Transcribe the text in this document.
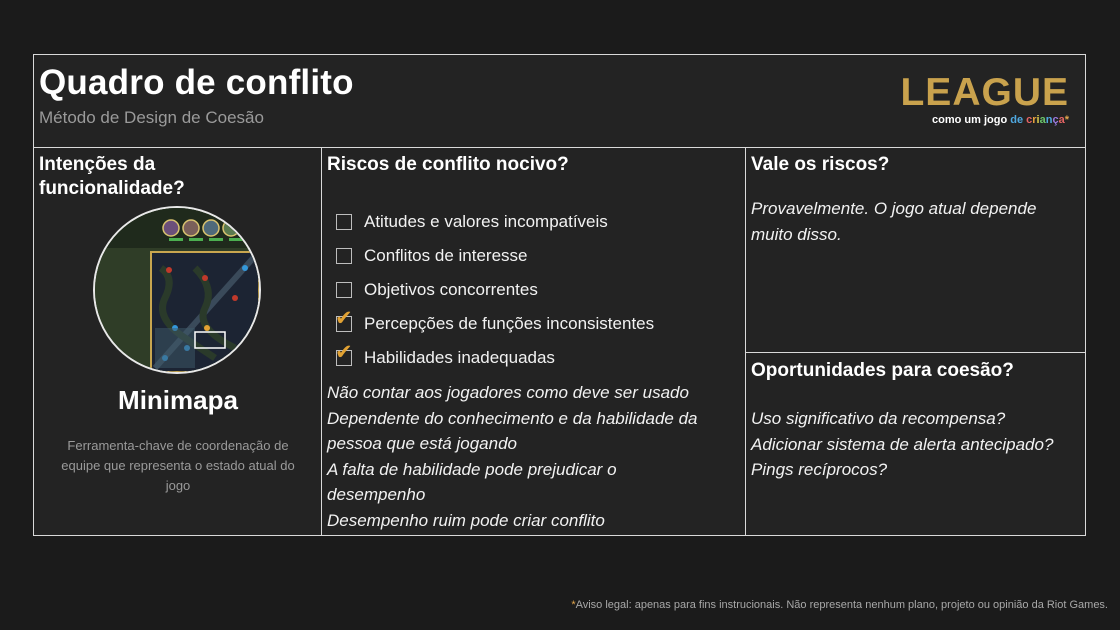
Quadro de conflito
Método de Design de Coesão
LEAGUE
como um jogo de criança*
Intenções da
funcionalidade?
Minimapa
Ferramenta-chave de coordenação de equipe que representa o estado atual do jogo
Riscos de conflito nocivo?
Atitudes e valores incompatíveis
Conflitos de interesse
Objetivos concorrentes
✔ Percepções de funções inconsistentes
✔ Habilidades inadequadas
Não contar aos jogadores como deve ser usado
Dependente do conhecimento e da habilidade da
pessoa que está jogando
A falta de habilidade pode prejudicar o
desempenho
Desempenho ruim pode criar conflito
Vale os riscos?
Provavelmente. O jogo atual depende
muito disso.
Oportunidades para coesão?
Uso significativo da recompensa?
Adicionar sistema de alerta antecipado?
Pings recíprocos?
*Aviso legal: apenas para fins instrucionais. Não representa nenhum plano, projeto ou opinião da Riot Games.
